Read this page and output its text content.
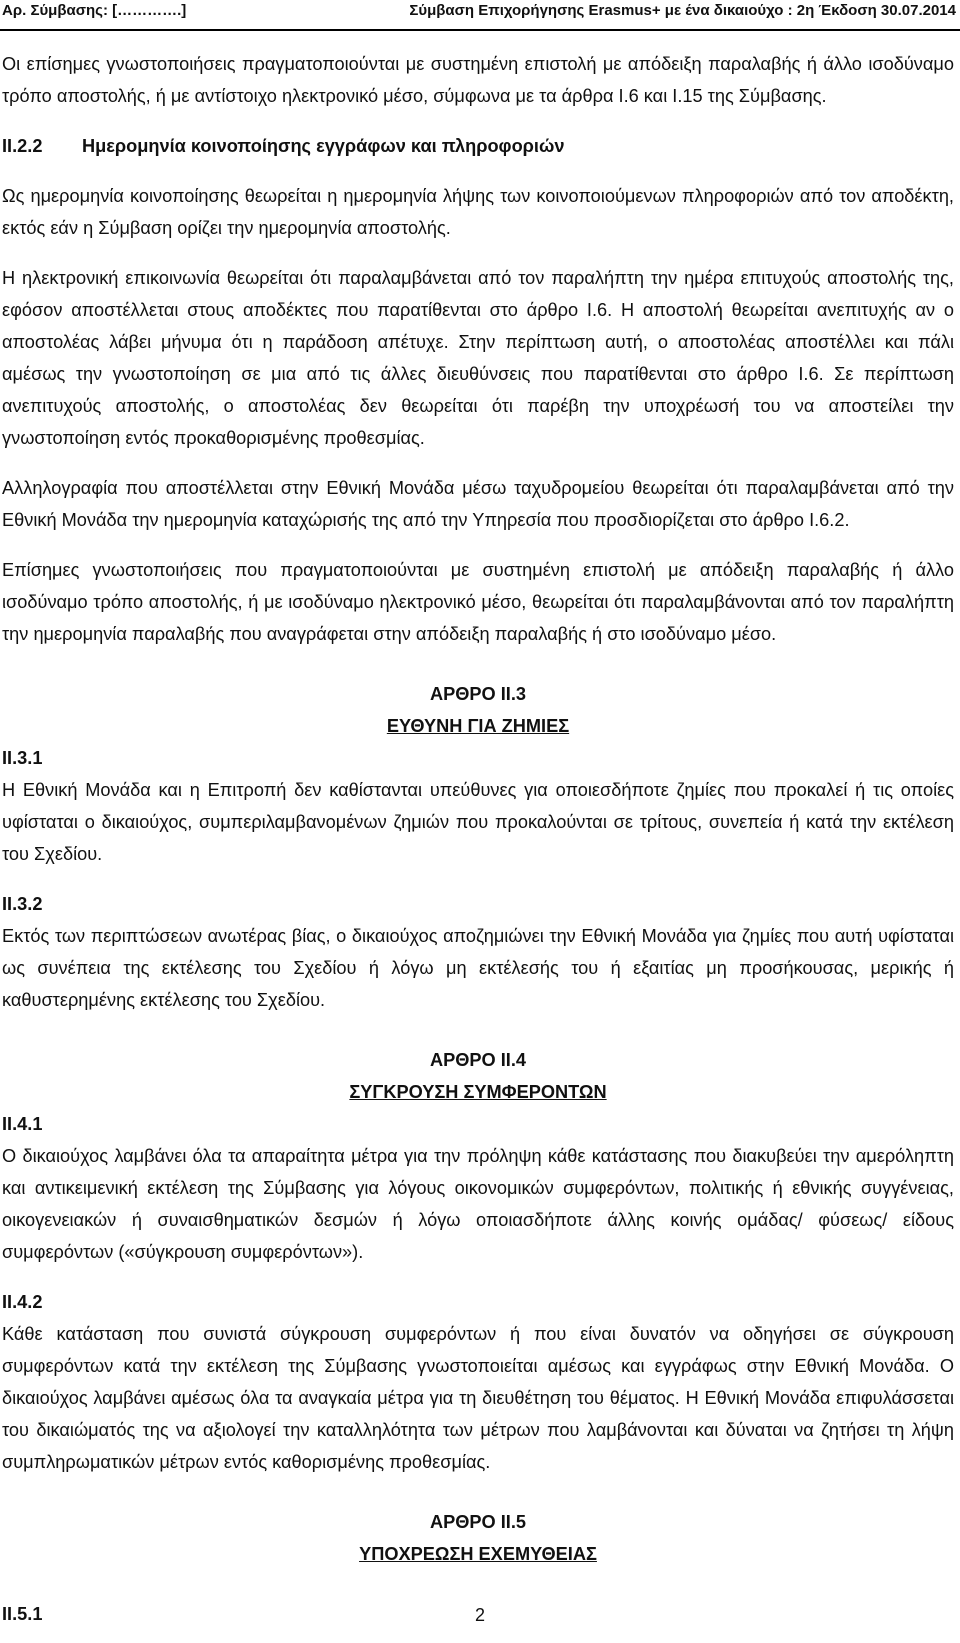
Αρ. Σύμβασης: [………….]	Σύμβαση Επιχορήγησης Erasmus+ με ένα δικαιούχο : 2η Έκδοση 30.07.2014

Οι επίσημες γνωστοποιήσεις πραγματοποιούνται με συστημένη επιστολή με απόδειξη παραλαβής ή άλλο ισοδύναμο τρόπο αποστολής, ή με αντίστοιχο ηλεκτρονικό μέσο, σύμφωνα με τα άρθρα I.6 και I.15 της Σύμβασης.

II.2.2	Ημερομηνία κοινοποίησης εγγράφων και πληροφοριών

Ως ημερομηνία κοινοποίησης θεωρείται η ημερομηνία λήψης των κοινοποιούμενων πληροφοριών από τον αποδέκτη, εκτός εάν η Σύμβαση ορίζει την ημερομηνία αποστολής.

Η ηλεκτρονική επικοινωνία θεωρείται ότι παραλαμβάνεται από τον παραλήπτη την ημέρα επιτυχούς αποστολής της, εφόσον αποστέλλεται στους αποδέκτες που παρατίθενται στο άρθρο I.6. Η αποστολή θεωρείται ανεπιτυχής αν ο αποστολέας λάβει μήνυμα ότι η παράδοση απέτυχε. Στην περίπτωση αυτή, ο αποστολέας αποστέλλει και πάλι αμέσως την γνωστοποίηση σε μια από τις άλλες διευθύνσεις που παρατίθενται στο άρθρο I.6. Σε περίπτωση ανεπιτυχούς αποστολής, ο αποστολέας δεν θεωρείται ότι παρέβη την υποχρέωσή του να αποστείλει την γνωστοποίηση εντός προκαθορισμένης προθεσμίας.

Αλληλογραφία που αποστέλλεται στην Εθνική Μονάδα μέσω ταχυδρομείου θεωρείται ότι παραλαμβάνεται από την Εθνική Μονάδα την ημερομηνία καταχώρισής της από την Υπηρεσία που προσδιορίζεται στο άρθρο I.6.2.

Επίσημες γνωστοποιήσεις που πραγματοποιούνται με συστημένη επιστολή με απόδειξη παραλαβής ή άλλο ισοδύναμο τρόπο αποστολής, ή με ισοδύναμο ηλεκτρονικό μέσο, θεωρείται ότι παραλαμβάνονται από τον παραλήπτη την ημερομηνία παραλαβής που αναγράφεται στην απόδειξη παραλαβής ή στο ισοδύναμο μέσο.

ΑΡΘΡΟ II.3

ΕΥΘΥΝΗ ΓΙΑ ΖΗΜΙΕΣ

II.3.1

Η Εθνική Μονάδα και η Επιτροπή δεν καθίστανται υπεύθυνες για οποιεσδήποτε ζημίες που προκαλεί ή τις οποίες υφίσταται ο δικαιούχος, συμπεριλαμβανομένων ζημιών που προκαλούνται σε τρίτους, συνεπεία ή κατά την εκτέλεση του Σχεδίου.

II.3.2

Εκτός των περιπτώσεων ανωτέρας βίας, ο δικαιούχος αποζημιώνει την Εθνική Μονάδα για ζημίες που αυτή υφίσταται ως συνέπεια της εκτέλεσης του Σχεδίου ή λόγω μη εκτέλεσής του ή εξαιτίας μη προσήκουσας, μερικής ή καθυστερημένης εκτέλεσης του Σχεδίου.

ΑΡΘΡΟ II.4

ΣΥΓΚΡΟΥΣΗ ΣΥΜΦΕΡΟΝΤΩΝ

II.4.1

Ο δικαιούχος λαμβάνει όλα τα απαραίτητα μέτρα για την πρόληψη κάθε κατάστασης που διακυβεύει την αμερόληπτη και αντικειμενική εκτέλεση της Σύμβασης για λόγους οικονομικών συμφερόντων, πολιτικής ή εθνικής συγγένειας, οικογενειακών ή συναισθηματικών δεσμών ή λόγω οποιασδήποτε άλλης κοινής ομάδας/ φύσεως/ είδους συμφερόντων («σύγκρουση συμφερόντων»).

II.4.2

Κάθε κατάσταση που συνιστά σύγκρουση συμφερόντων ή που είναι δυνατόν να οδηγήσει σε σύγκρουση συμφερόντων κατά την εκτέλεση της Σύμβασης γνωστοποιείται αμέσως και εγγράφως στην Εθνική Μονάδα. Ο δικαιούχος λαμβάνει αμέσως όλα τα αναγκαία μέτρα για τη διευθέτηση του θέματος. Η Εθνική Μονάδα επιφυλάσσεται του δικαιώματός της να αξιολογεί την καταλληλότητα των μέτρων που λαμβάνονται και δύναται να ζητήσει τη λήψη συμπληρωματικών μέτρων εντός καθορισμένης προθεσμίας.

ΑΡΘΡΟ II.5

ΥΠΟΧΡΕΩΣΗ ΕΧΕΜΥΘΕΙΑΣ

II.5.1	2
